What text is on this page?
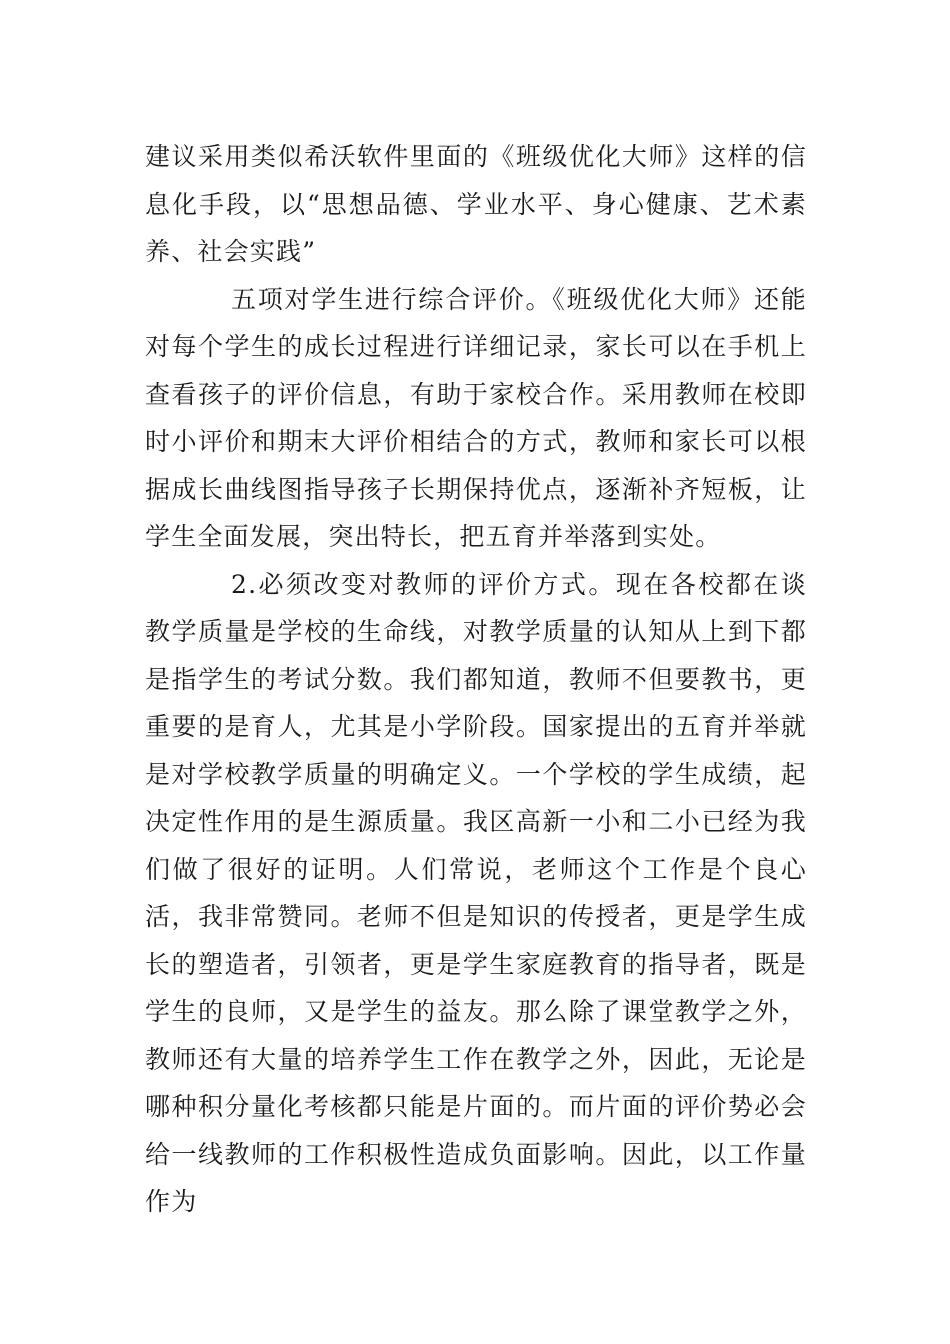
建议采用类似希沃软件里面的《班级优化大师》这样的信息化手段，以“思想品德、学业水平、身心健康、艺术素养、社会实践”

五项对学生进行综合评价。《班级优化大师》还能对每个学生的成长过程进行详细记录，家长可以在手机上查看孩子的评价信息，有助于家校合作。采用教师在校即时小评价和期末大评价相结合的方式，教师和家长可以根据成长曲线图指导孩子长期保持优点，逐渐补齐短板，让学生全面发展，突出特长，把五育并举落到实处。

2.必须改变对教师的评价方式。现在各校都在谈教学质量是学校的生命线，对教学质量的认知从上到下都是指学生的考试分数。我们都知道，教师不但要教书，更重要的是育人，尤其是小学阶段。国家提出的五育并举就是对学校教学质量的明确定义。一个学校的学生成绩，起决定性作用的是生源质量。我区高新一小和二小已经为我们做了很好的证明。人们常说，老师这个工作是个良心活，我非常赞同。老师不但是知识的传授者，更是学生成长的塑造者，引领者，更是学生家庭教育的指导者，既是学生的良师，又是学生的益友。那么除了课堂教学之外，教师还有大量的培养学生工作在教学之外，因此，无论是哪种积分量化考核都只能是片面的。而片面的评价势必会给一线教师的工作积极性造成负面影响。因此，以工作量作为
